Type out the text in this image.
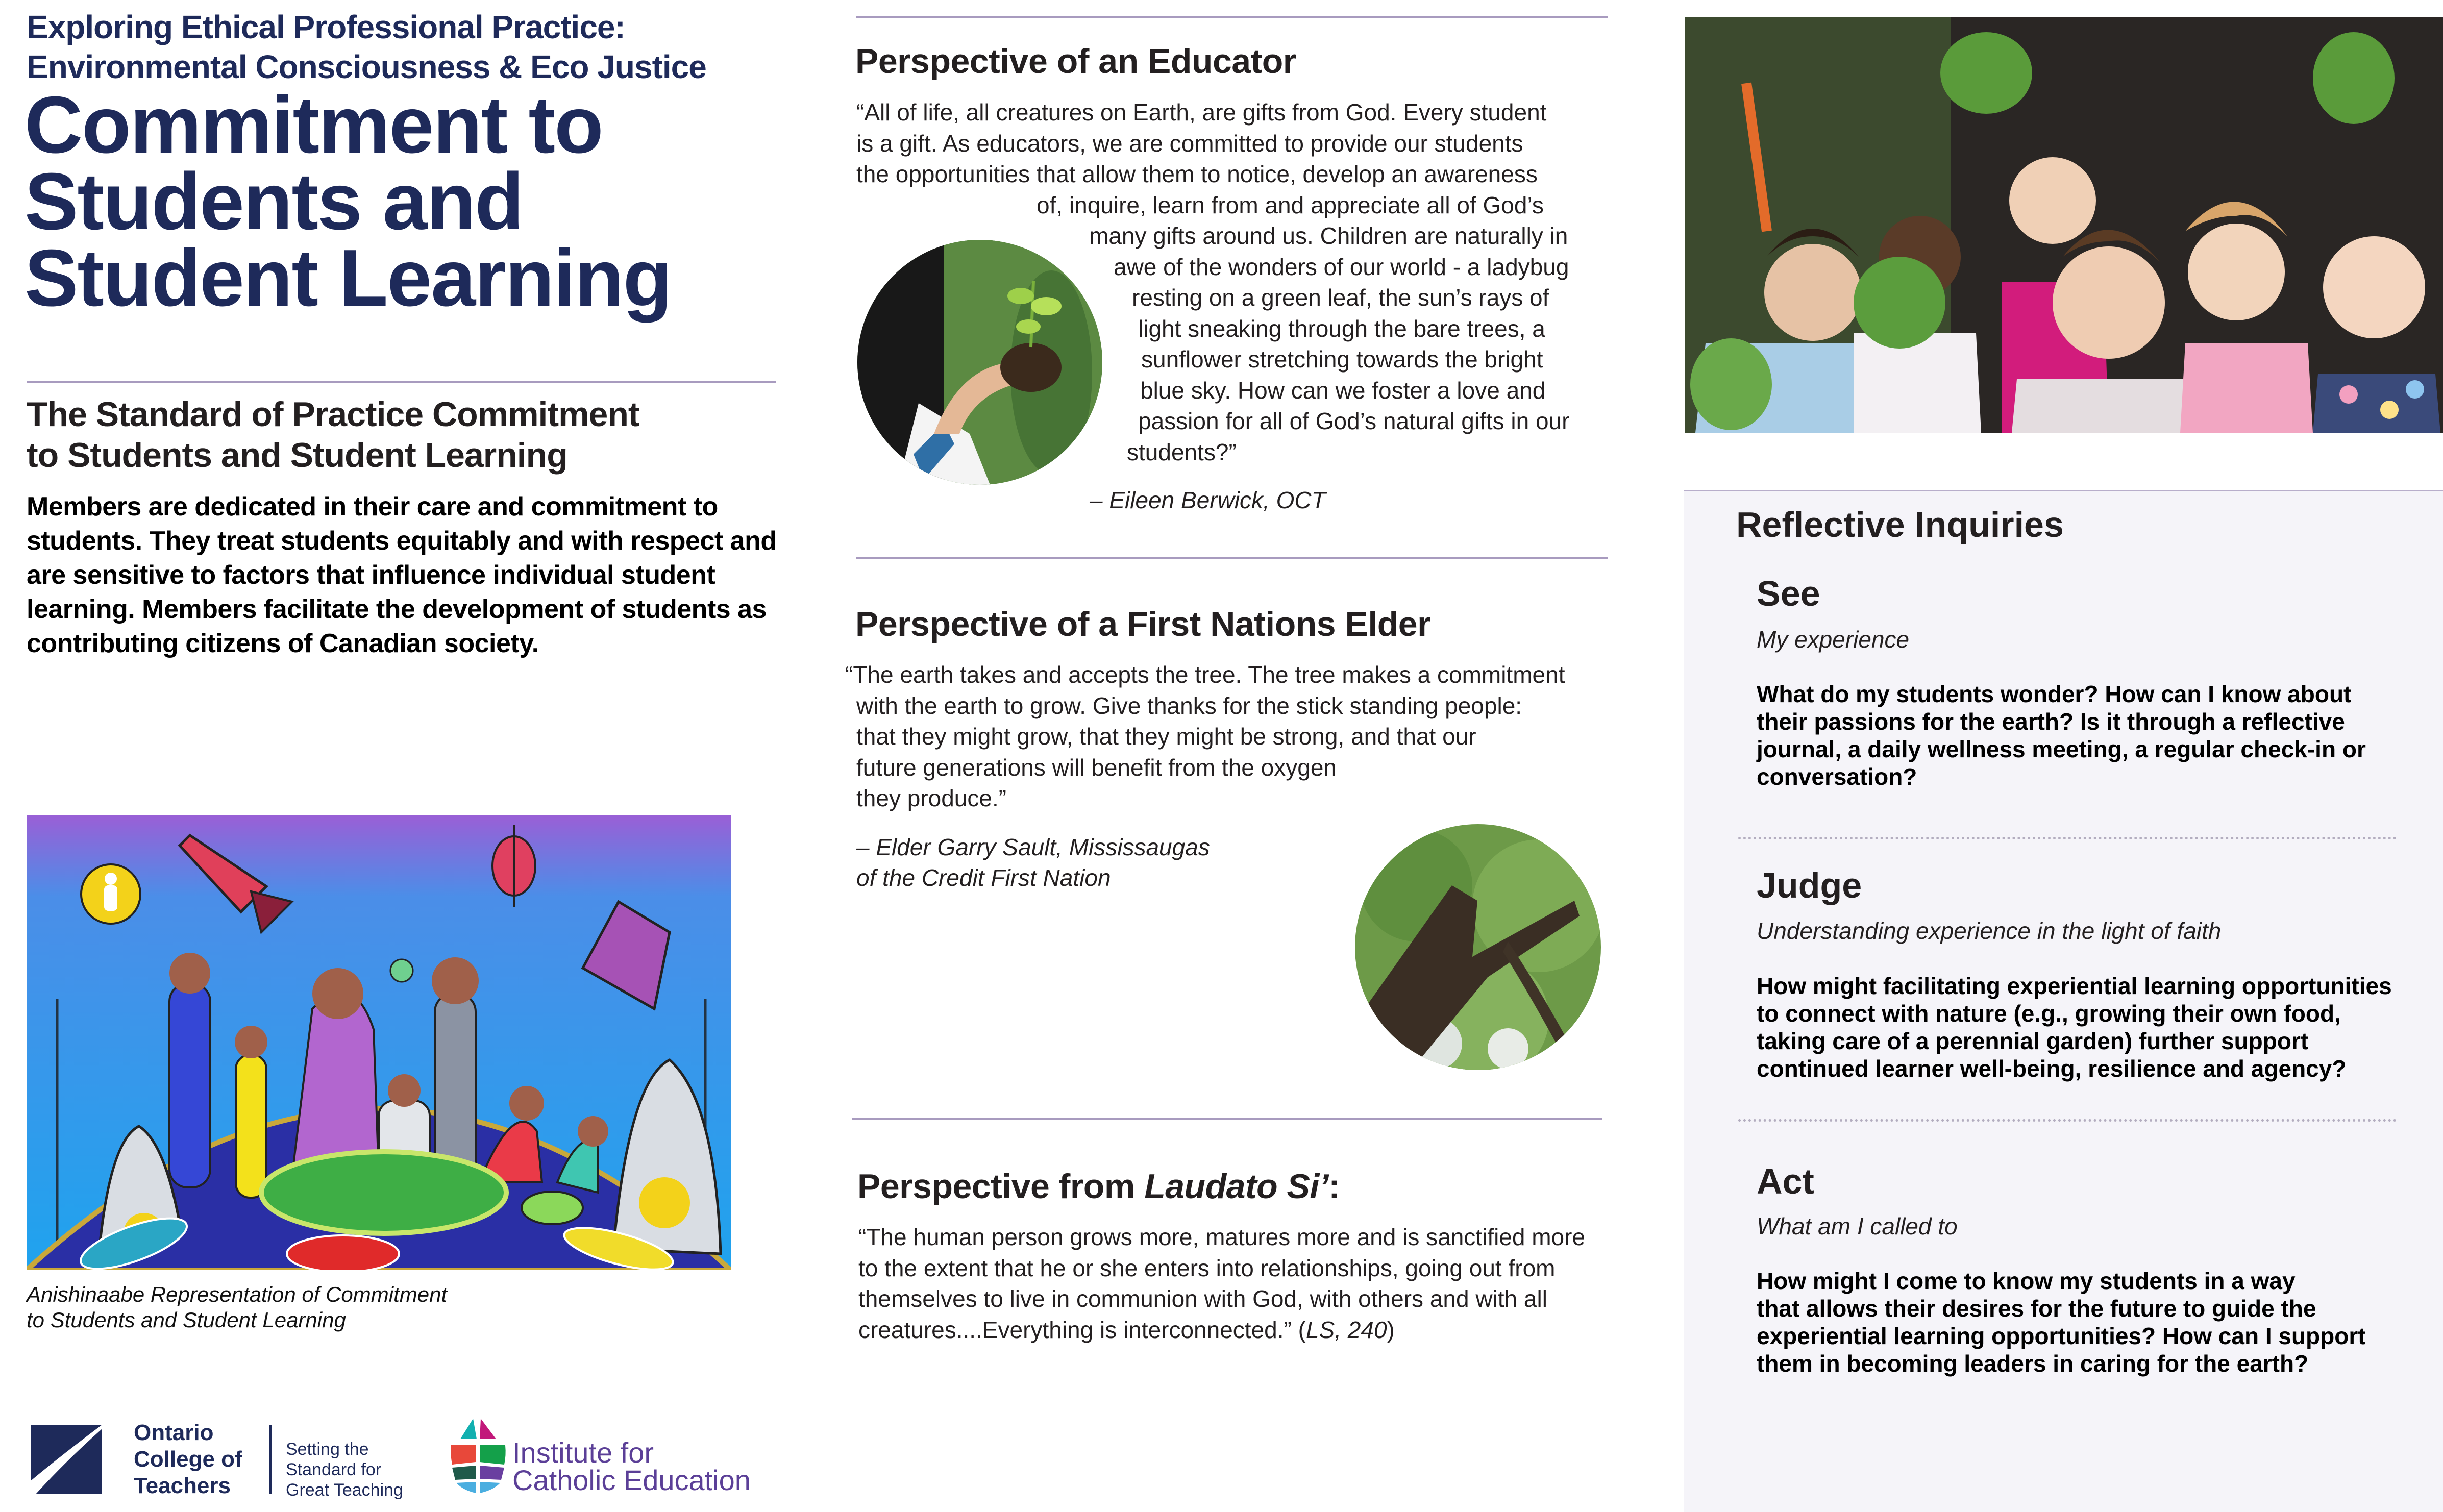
Exploring Ethical Professional Practice:
Environmental Consciousness & Eco Justice
Commitment to
Students and
Student Learning
The Standard of Practice Commitment
to Students and Student Learning
Members are dedicated in their care and commitment to students. They treat students equitably and with respect and are sensitive to factors that influence individual student learning. Members facilitate the development of students as contributing citizens of Canadian society.
Anishinaabe Representation of Commitment
to Students and Student Learning
Ontario
College of
Teachers
Setting the
Standard for
Great Teaching
Institute for
Catholic Education
Perspective of an Educator
“All of life, all creatures on Earth, are gifts from God. Every student
is a gift. As educators, we are committed to provide our students
the opportunities that allow them to notice, develop an awareness
of, inquire, learn from and appreciate all of God’s
many gifts around us. Children are naturally in
awe of the wonders of our world - a ladybug
resting on a green leaf, the sun’s rays of
light sneaking through the bare trees, a
sunflower stretching towards the bright
blue sky. How can we foster a love and
passion for all of God’s natural gifts in our
students?”
– Eileen Berwick, OCT
Perspective of a First Nations Elder
“The earth takes and accepts the tree. The tree makes a commitment
with the earth to grow. Give thanks for the stick standing people:
that they might grow, that they might be strong, and that our
future generations will benefit from the oxygen
they produce.”
– Elder Garry Sault, Mississaugas
of the Credit First Nation
Perspective from Laudato Si’:
“The human person grows more, matures more and is sanctified more
to the extent that he or she enters into relationships, going out from
themselves to live in communion with God, with others and with all
creatures....Everything is interconnected.” (LS, 240)
Reflective Inquiries
See
My experience
What do my students wonder? How can I know about
their passions for the earth? Is it through a reflective
journal, a daily wellness meeting, a regular check-in or
conversation?
Judge
Understanding experience in the light of faith
How might facilitating experiential learning opportunities
to connect with nature (e.g., growing their own food,
taking care of a perennial garden) further support
continued learner well-being, resilience and agency?
Act
What am I called to
How might I come to know my students in a way
that allows their desires for the future to guide the
experiential learning opportunities? How can I support
them in becoming leaders in caring for the earth?
